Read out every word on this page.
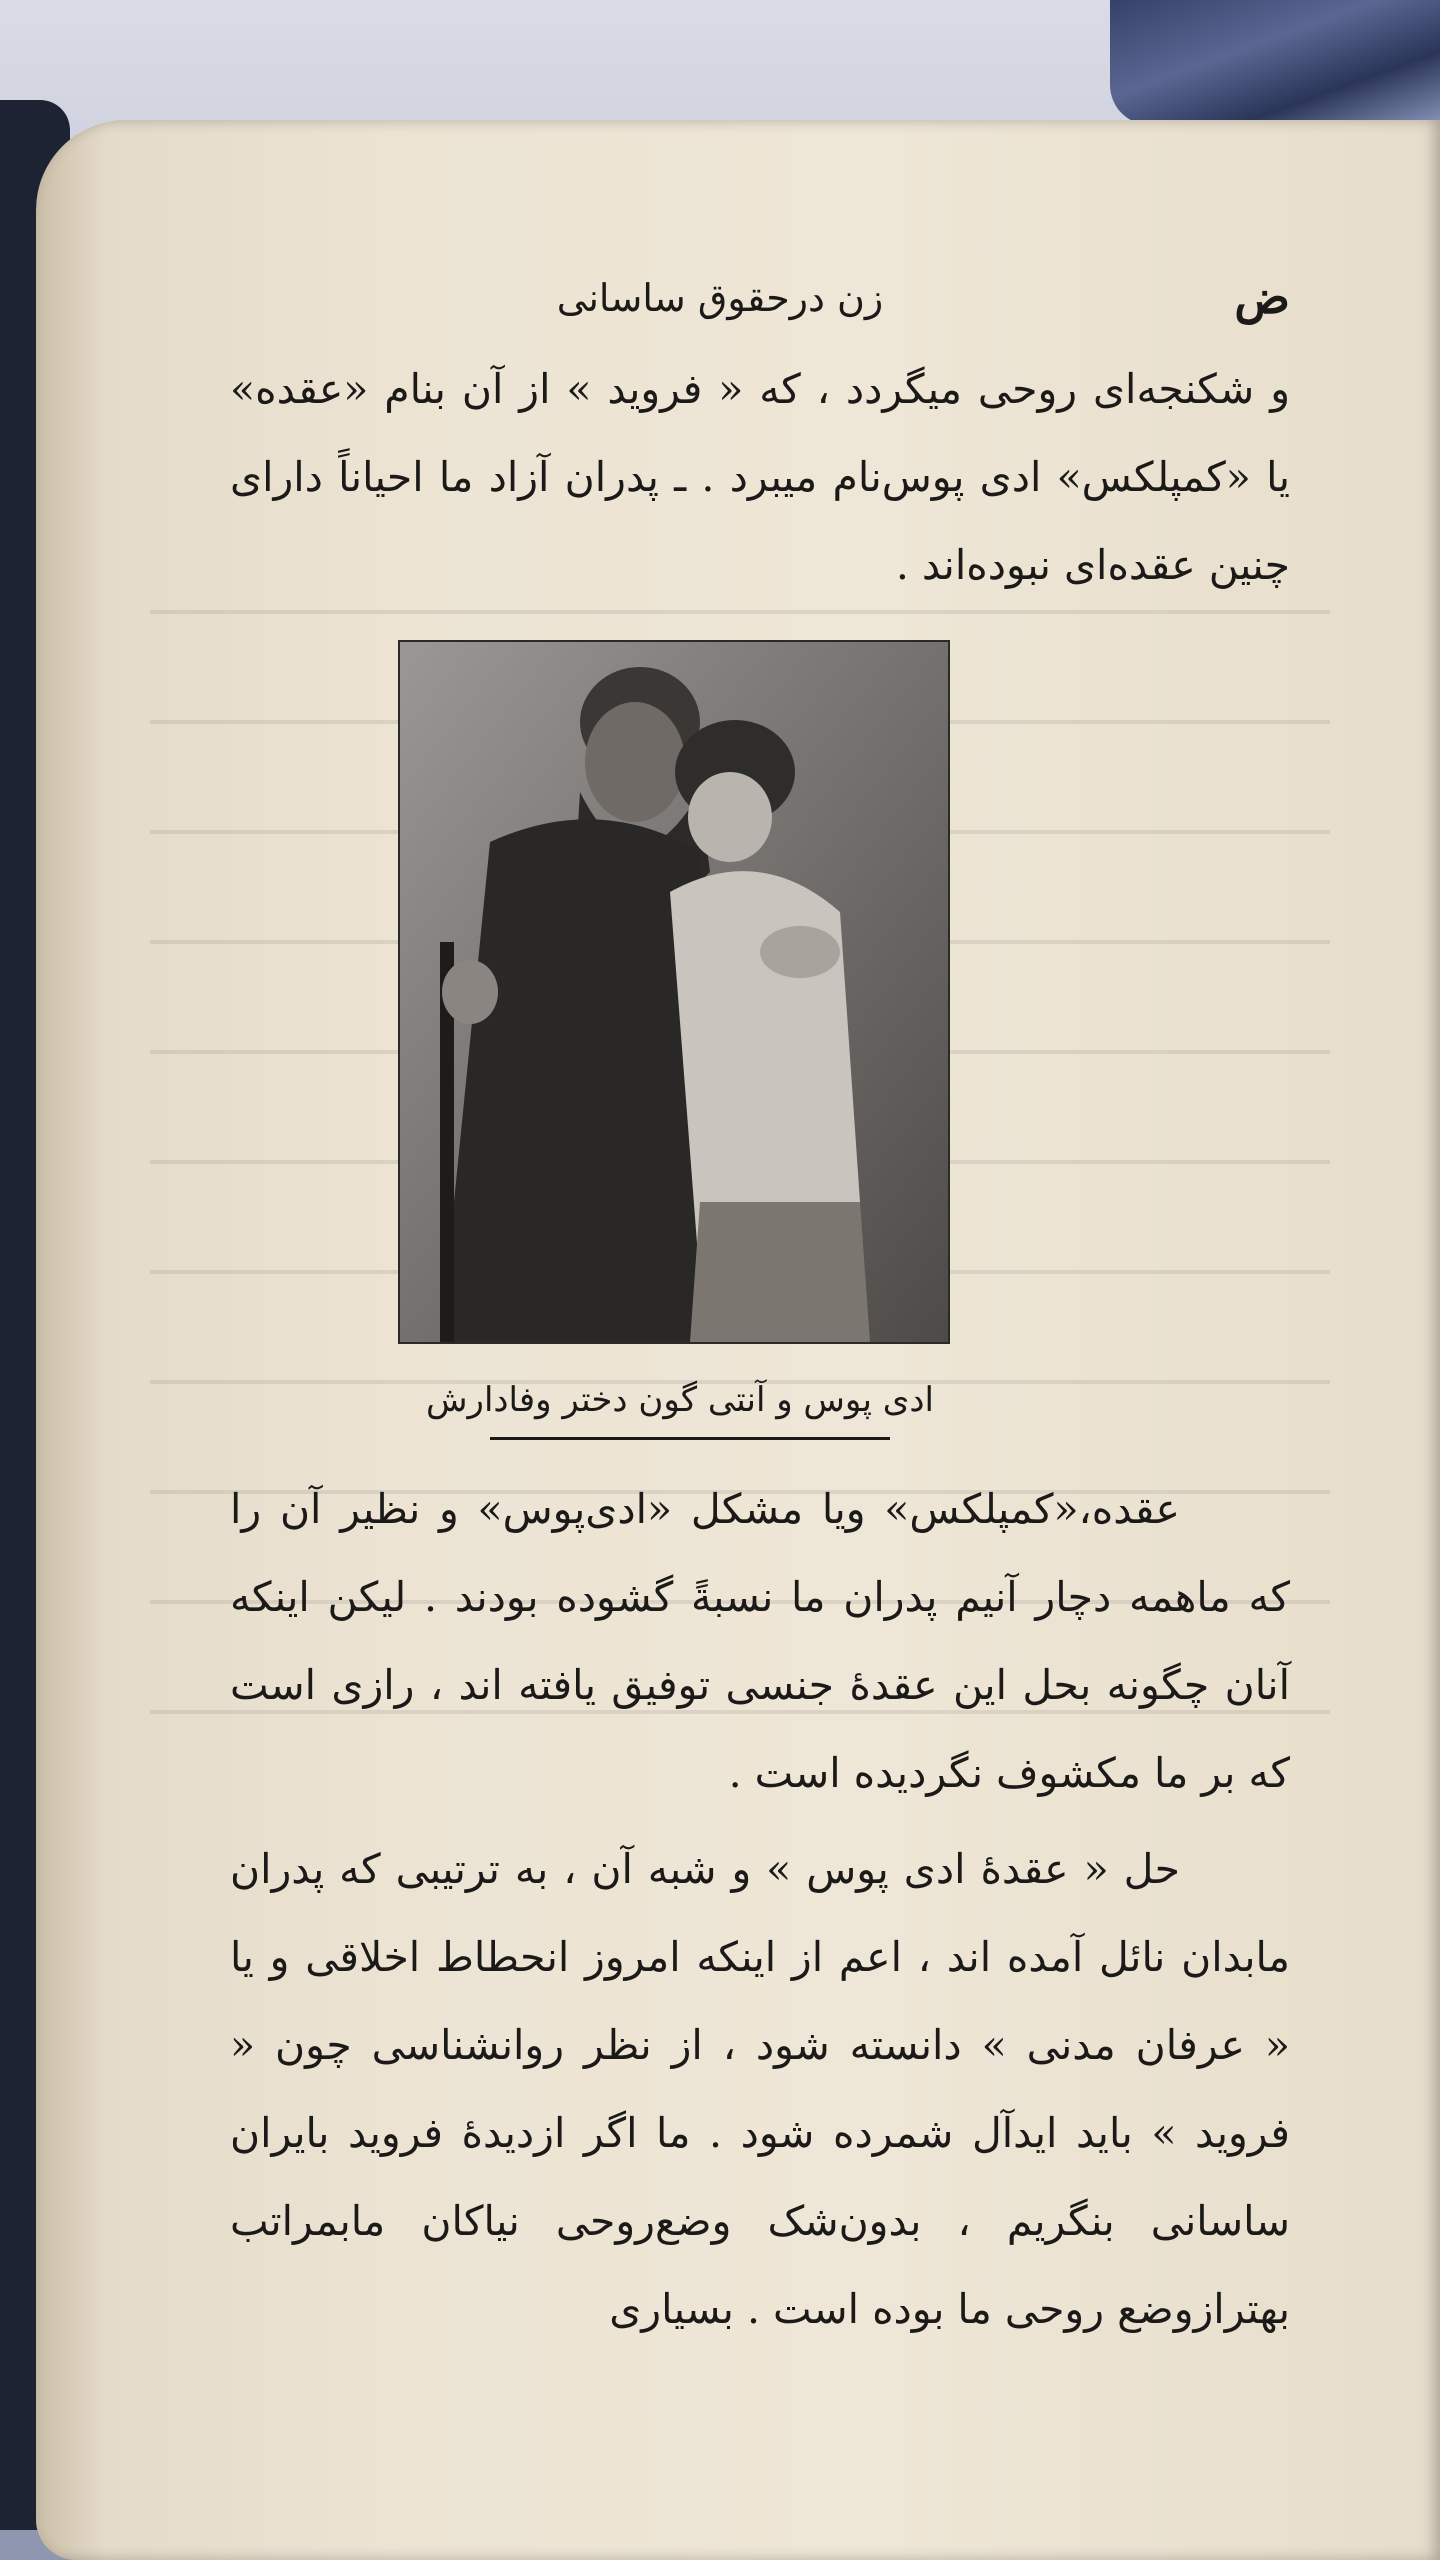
ض
زن درحقوق ساسانی

و شکنجه‌ای روحی میگردد ، که « فروید » از آن بنام «عقده» یا «کمپلکس» ادی پوس‌نام میبرد . ـ پدران آزاد ما احیاناً دارای چنین عقده‌ای نبوده‌اند .

ادی پوس و آنتی گون دختر وفادارش

عقده،«کمپلکس» ویا مشکل «ادی‌پوس» و نظیر آن را که ماهمه دچار آنیم پدران ما نسبةً گشوده بودند . لیکن اینکه آنان چگونه بحل این عقدهٔ جنسی توفیق یافته اند ، رازی است که بر ما مکشوف نگردیده است .

حل « عقدهٔ ادی پوس » و شبه آن ، به ترتیبی که پدران مابدان نائل آمده اند ، اعم از اینکه امروز انحطاط اخلاقی و یا « عرفان مدنی » دانسته شود ، از نظر روانشناسی چون « فروید » باید ایدآل شمرده شود . ما اگر ازدیدهٔ فروید بایران ساسانی بنگریم ، بدون‌شک وضع‌روحی نیاکان مابمراتب بهترازوضع روحی ما بوده است . بسیاری
